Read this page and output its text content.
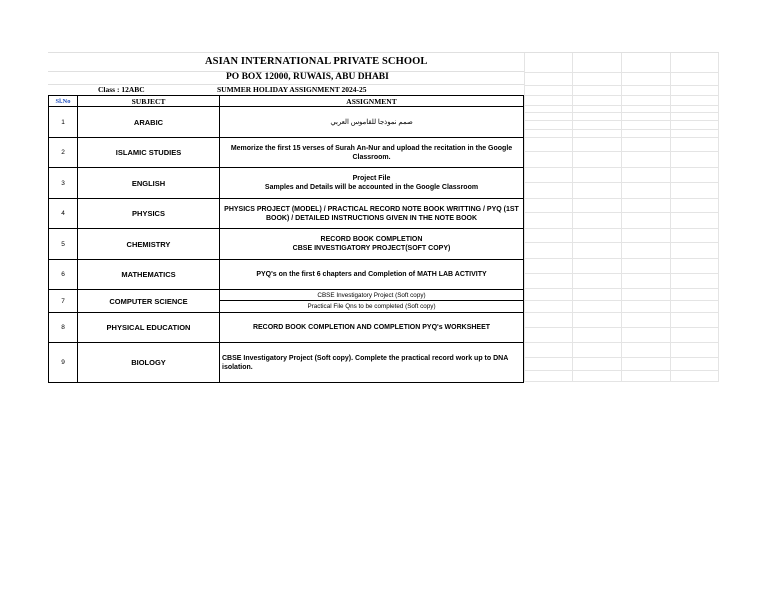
ASIAN INTERNATIONAL PRIVATE SCHOOL
PO BOX 12000, RUWAIS, ABU DHABI
Class : 12ABC	SUMMER HOLIDAY ASSIGNMENT 2024-25
Sl.No	SUBJECT	ASSIGNMENT
1	ARABIC	صمم نموذجا للقاموس العربي
2	ISLAMIC STUDIES	Memorize the first 15 verses of Surah An-Nur and upload the recitation in the Google Classroom.
3	ENGLISH	Project File
Samples and Details will be accounted in the Google Classroom
4	PHYSICS	PHYSICS PROJECT (MODEL) / PRACTICAL RECORD NOTE BOOK WRITTING / PYQ (1ST BOOK) / DETAILED INSTRUCTIONS GIVEN IN THE NOTE BOOK
5	CHEMISTRY	RECORD BOOK COMPLETION
CBSE INVESTIGATORY PROJECT(SOFT COPY)
6	MATHEMATICS	PYQ's on the first 6 chapters and Completion of MATH LAB ACTIVITY
7	COMPUTER SCIENCE
CBSE Investigatory Project (Soft copy)
Practical File Qns to be completed (Soft copy)
8	PHYSICAL EDUCATION	RECORD BOOK COMPLETION AND COMPLETION PYQ's WORKSHEET
9	BIOLOGY	CBSE Investigatory Project (Soft copy). Complete the practical record work up to DNA isolation.
